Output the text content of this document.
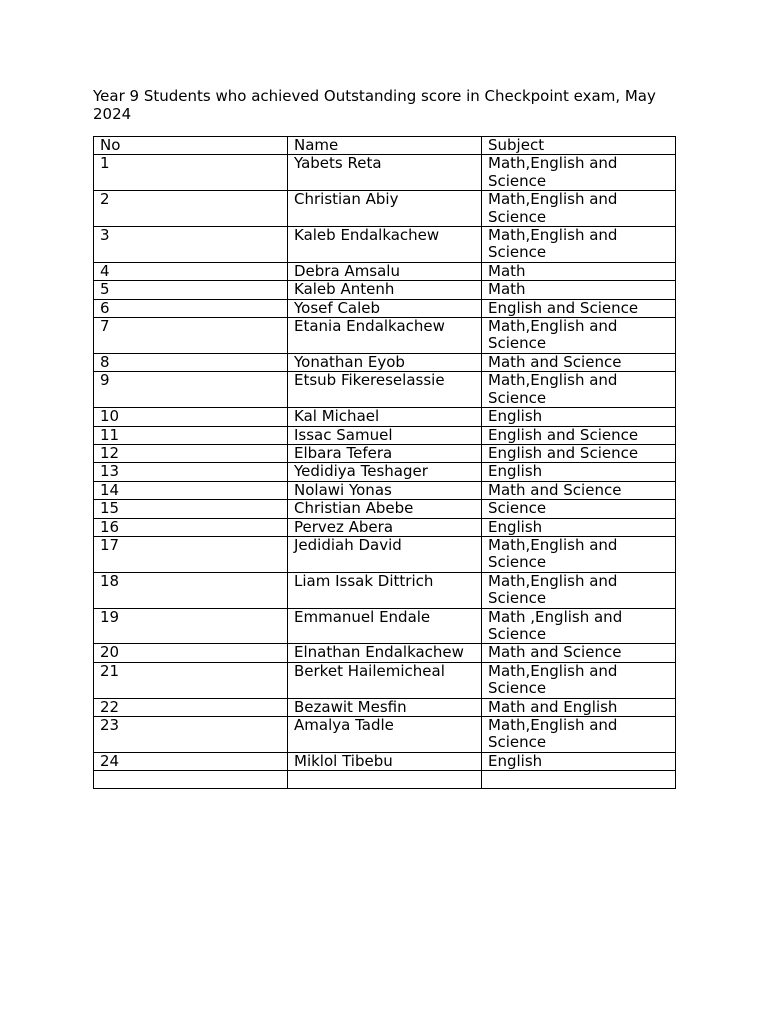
Year 9 Students who achieved Outstanding score in Checkpoint exam, May 2024
No	Name	Subject
1	Yabets Reta	Math,English and Science
2	Christian Abiy	Math,English and Science
3	Kaleb Endalkachew	Math,English and Science
4	Debra Amsalu	Math
5	Kaleb Antenh	Math
6	Yosef Caleb	English and Science
7	Etania Endalkachew	Math,English and Science
8	Yonathan Eyob	Math and Science
9	Etsub Fikereselassie	Math,English and Science
10	Kal Michael	English
11	Issac Samuel	English and Science
12	Elbara Tefera	English and Science
13	Yedidiya Teshager	English
14	Nolawi Yonas	Math and Science
15	Christian Abebe	Science
16	Pervez Abera	English
17	Jedidiah David	Math,English and Science
18	Liam Issak Dittrich	Math,English and Science
19	Emmanuel Endale	Math ,English and Science
20	Elnathan Endalkachew	Math and Science
21	Berket Hailemicheal	Math,English and Science
22	Bezawit Mesfin	Math and English
23	Amalya Tadle	Math,English and Science
24	Miklol Tibebu	English
